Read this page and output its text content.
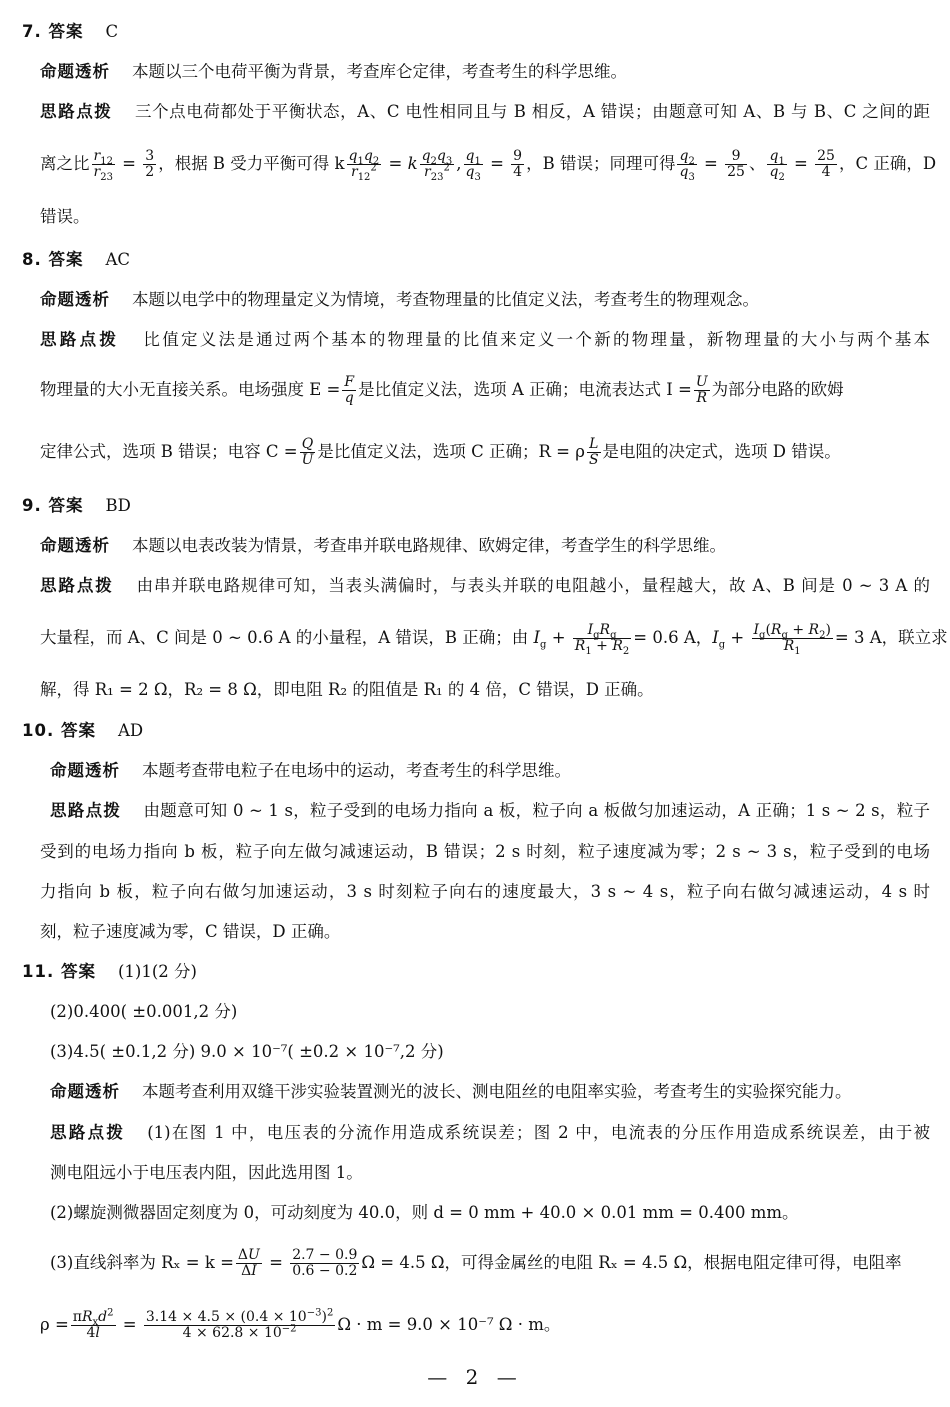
7. 答案 C
命题透析 本题以三个电荷平衡为背景，考查库仑定律，考查考生的科学思维。
思路点拨 三个点电荷都处于平衡状态，A、C 电性相同且与 B 相反，A 错误；由题意可知 A、B 与 B、C 之间的距
离之比 $\frac{r_{12}}{r_{23}} = \frac{3}{2}$ ，根据 B 受力平衡可得 k $\frac{q_1q_2}{r_{12}^2} = k \frac{q_2q_3}{r_{23}^2}$ , $\frac{q_1}{q_3} = \frac{9}{4}$ ，B 错误；同理可得 $\frac{q_2}{q_3} = \frac{9}{25}$ 、 $\frac{q_1}{q_2} = \frac{25}{4}$ ，C 正确，D
错误。
8. 答案 AC
命题透析 本题以电学中的物理量定义为情境，考查物理量的比值定义法，考查考生的物理观念。
思路点拨 比值定义法是通过两个基本的物理量的比值来定义一个新的物理量，新物理量的大小与两个基本
物理量的大小无直接关系。电场强度 $E = \frac{F}{q}$ 是比值定义法，选项 A 正确；电流表达式 $I = \frac{U}{R}$ 为部分电路的欧姆
定律公式，选项 B 错误；电容 $C = \frac{Q}{U}$ 是比值定义法，选项 C 正确；R = ρ $\frac{L}{S}$ 是电阻的决定式，选项 D 错误。
9. 答案 BD
命题透析 本题以电表改装为情景，考查串并联电路规律、欧姆定律，考查学生的科学思维。
思路点拨 由串并联电路规律可知，当表头满偏时，与表头并联的电阻越小，量程越大，故 A、B 间是 0 ~ 3 A 的
大量程，而 A、C 间是 0 ~ 0.6 A 的小量程，A 错误，B 正确；由 $I_g + \frac{I_gR_g}{R_1 + R_2} = 0.6$ A，$I_g + \frac{I_g(R_g + R_2)}{R_1} = 3$ A，联立求
解，得 R₁ = 2 Ω，R₂ = 8 Ω，即电阻 R₂ 的阻值是 R₁ 的 4 倍，C 错误，D 正确。
10. 答案 AD
命题透析 本题考查带电粒子在电场中的运动，考查考生的科学思维。
思路点拨 由题意可知 0 ~ 1 s，粒子受到的电场力指向 a 板，粒子向 a 板做匀加速运动，A 正确；1 s ~ 2 s，粒子
受到的电场力指向 b 板，粒子向左做匀减速运动，B 错误；2 s 时刻，粒子速度减为零；2 s ~ 3 s，粒子受到的电场
力指向 b 板，粒子向右做匀加速运动，3 s 时刻粒子向右的速度最大，3 s ~ 4 s，粒子向右做匀减速运动，4 s 时
刻，粒子速度减为零，C 错误，D 正确。
11. 答案 (1)1(2 分)
(2)0.400( ±0.001,2 分)
(3)4.5( ±0.1,2 分) 9.0 × 10⁻⁷( ±0.2 × 10⁻⁷,2 分)
命题透析 本题考查利用双缝干涉实验装置测光的波长、测电阻丝的电阻率实验，考查考生的实验探究能力。
思路点拨 (1)在图 1 中，电压表的分流作用造成系统误差；图 2 中，电流表的分压作用造成系统误差，由于被
测电阻远小于电压表内阻，因此选用图 1。
(2)螺旋测微器固定刻度为 0，可动刻度为 40.0，则 d = 0 mm + 40.0 × 0.01 mm = 0.400 mm。
(3)直线斜率为 $R_x = k = \frac{\Delta U}{\Delta I} = \frac{2.7 - 0.9}{0.6 - 0.2}$ Ω = 4.5 Ω，可得金属丝的电阻 Rₓ = 4.5 Ω，根据电阻定律可得，电阻率
$\rho = \frac{\pi R_xd^2}{4l} = \frac{3.14 \times 4.5 \times (0.4 \times 10^{-3})^2}{4 \times 62.8 \times 10^{-2}}$ Ω · m = 9.0 × 10⁻⁷ Ω · m。
— 2 —
